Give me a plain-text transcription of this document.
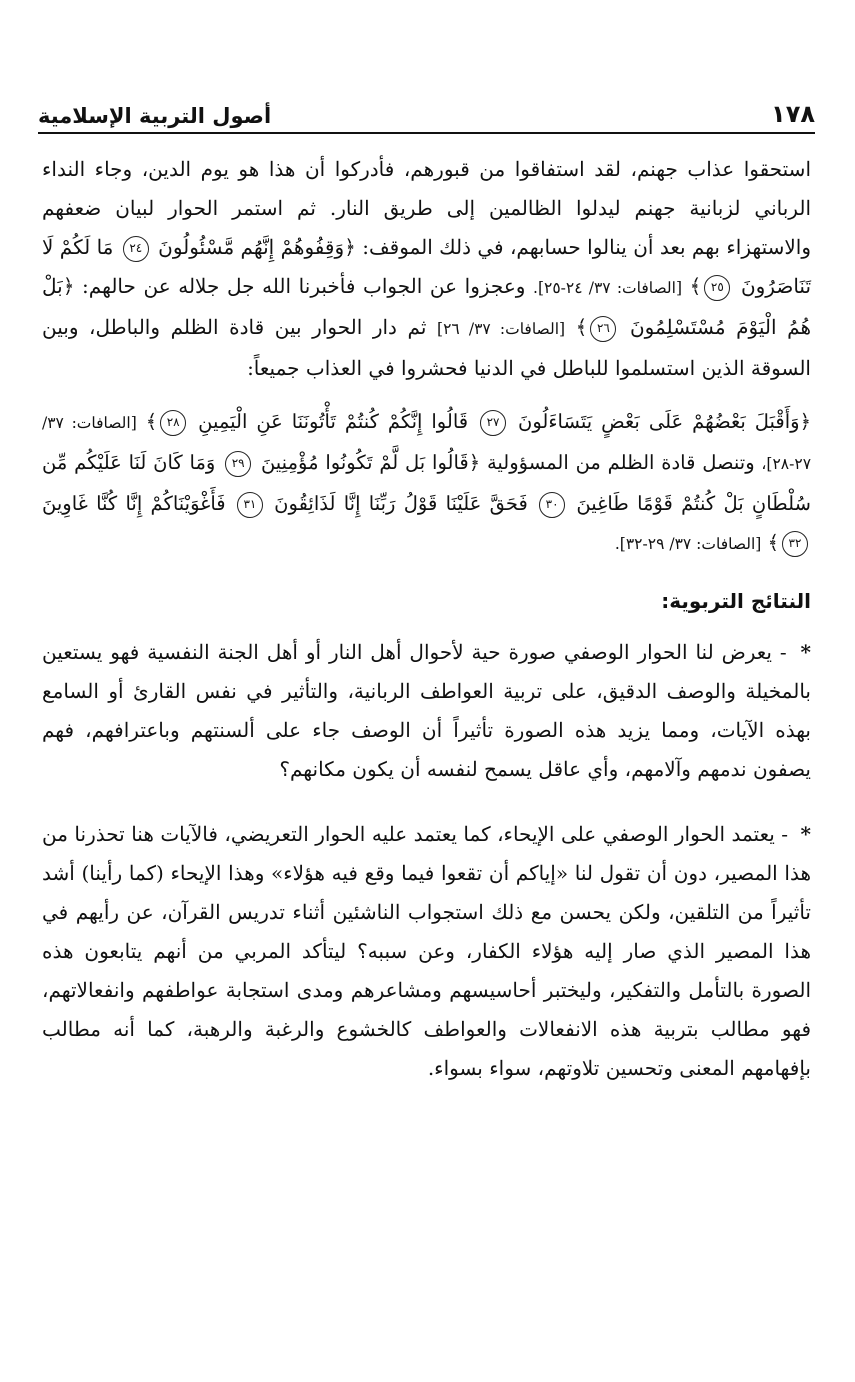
١٧٨
أصول التربية الإسلامية

استحقوا عذاب جهنم، لقد استفاقوا من قبورهم، فأدركوا أن هذا هو يوم الدين، وجاء النداء الرباني لزبانية جهنم ليدلوا الظالمين إلى طريق النار. ثم استمر الحوار لبيان ضعفهم والاستهزاء بهم بعد أن ينالوا حسابهم، في ذلك الموقف: ﴿وَقِفُوهُمْ إِنَّهُم مَّسْئُولُونَ ٢٤ مَا لَكُمْ لَا تَنَاصَرُونَ ٢٥﴾ [الصافات: ٣٧/ ٢٤-٢٥]. وعجزوا عن الجواب فأخبرنا الله جل جلاله عن حالهم: ﴿بَلْ هُمُ الْيَوْمَ مُسْتَسْلِمُونَ ٢٦﴾ [الصافات: ٣٧/ ٢٦] ثم دار الحوار بين قادة الظلم والباطل، وبين السوقة الذين استسلموا للباطل في الدنيا فحشروا في العذاب جميعاً:

﴿وَأَقْبَلَ بَعْضُهُمْ عَلَى بَعْضٍ يَتَسَاءَلُونَ ٢٧ قَالُوا إِنَّكُمْ كُنتُمْ تَأْتُونَنَا عَنِ الْيَمِينِ ٢٨﴾ [الصافات: ٣٧/ ٢٧-٢٨]، وتنصل قادة الظلم من المسؤولية ﴿قَالُوا بَل لَّمْ تَكُونُوا مُؤْمِنِينَ ٢٩ وَمَا كَانَ لَنَا عَلَيْكُم مِّن سُلْطَانٍ بَلْ كُنتُمْ قَوْمًا طَاغِينَ ٣٠ فَحَقَّ عَلَيْنَا قَوْلُ رَبِّنَا إِنَّا لَذَائِقُونَ ٣١ فَأَغْوَيْنَاكُمْ إِنَّا كُنَّا غَاوِينَ ٣٢﴾ [الصافات: ٣٧/ ٢٩-٣٢].

النتائج التربوية:

* - يعرض لنا الحوار الوصفي صورة حية لأحوال أهل النار أو أهل الجنة النفسية فهو يستعين بالمخيلة والوصف الدقيق، على تربية العواطف الربانية، والتأثير في نفس القارئ أو السامع بهذه الآيات، ومما يزيد هذه الصورة تأثيراً أن الوصف جاء على ألسنتهم وباعترافهم، فهم يصفون ندمهم وآلامهم، وأي عاقل يسمح لنفسه أن يكون مكانهم؟

* - يعتمد الحوار الوصفي على الإيحاء، كما يعتمد عليه الحوار التعريضي، فالآيات هنا تحذرنا من هذا المصير، دون أن تقول لنا «إياكم أن تقعوا فيما وقع فيه هؤلاء» وهذا الإيحاء (كما رأينا) أشد تأثيراً من التلقين، ولكن يحسن مع ذلك استجواب الناشئين أثناء تدريس القرآن، عن رأيهم في هذا المصير الذي صار إليه هؤلاء الكفار، وعن سببه؟ ليتأكد المربي من أنهم يتابعون هذه الصورة بالتأمل والتفكير، وليختبر أحاسيسهم ومشاعرهم ومدى استجابة عواطفهم وانفعالاتهم، فهو مطالب بتربية هذه الانفعالات والعواطف كالخشوع والرغبة والرهبة، كما أنه مطالب بإفهامهم المعنى وتحسين تلاوتهم، سواء بسواء.
